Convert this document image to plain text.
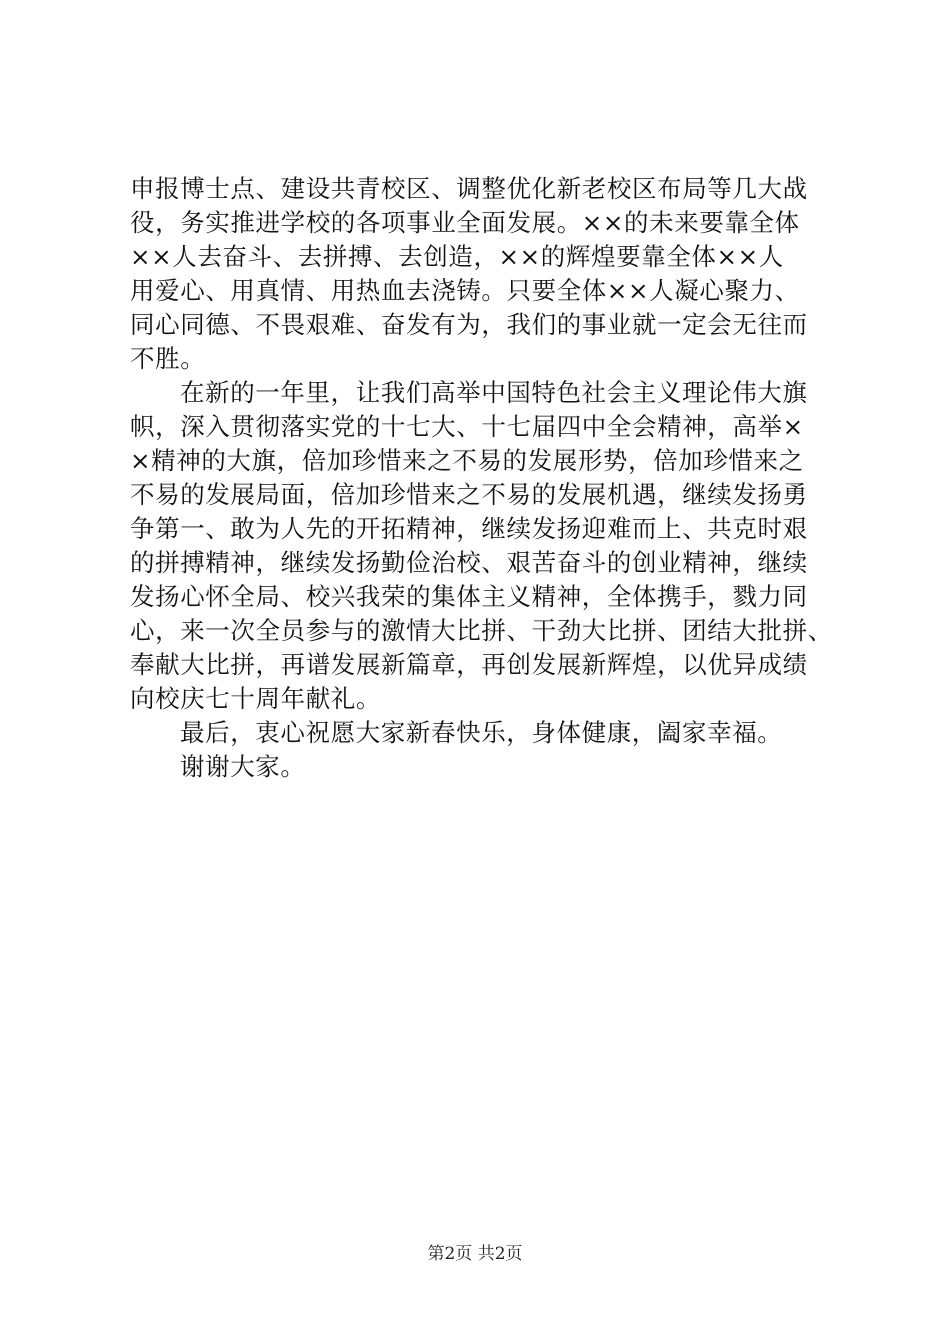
申报博士点、建设共青校区、调整优化新老校区布局等几大战
役，务实推进学校的各项事业全面发展。××的未来要靠全体
××人去奋斗、去拼搏、去创造，××的辉煌要靠全体××人
用爱心、用真情、用热血去浇铸。只要全体××人凝心聚力、
同心同德、不畏艰难、奋发有为，我们的事业就一定会无往而
不胜。
在新的一年里，让我们高举中国特色社会主义理论伟大旗
帜，深入贯彻落实党的十七大、十七届四中全会精神，高举×
×精神的大旗，倍加珍惜来之不易的发展形势，倍加珍惜来之
不易的发展局面，倍加珍惜来之不易的发展机遇，继续发扬勇
争第一、敢为人先的开拓精神，继续发扬迎难而上、共克时艰
的拼搏精神，继续发扬勤俭治校、艰苦奋斗的创业精神，继续
发扬心怀全局、校兴我荣的集体主义精神，全体携手，戮力同
心，来一次全员参与的激情大比拼、干劲大比拼、团结大批拼、
奉献大比拼，再谱发展新篇章，再创发展新辉煌，以优异成绩
向校庆七十周年献礼。
最后，衷心祝愿大家新春快乐，身体健康，阖家幸福。
谢谢大家。
第2页 共2页
